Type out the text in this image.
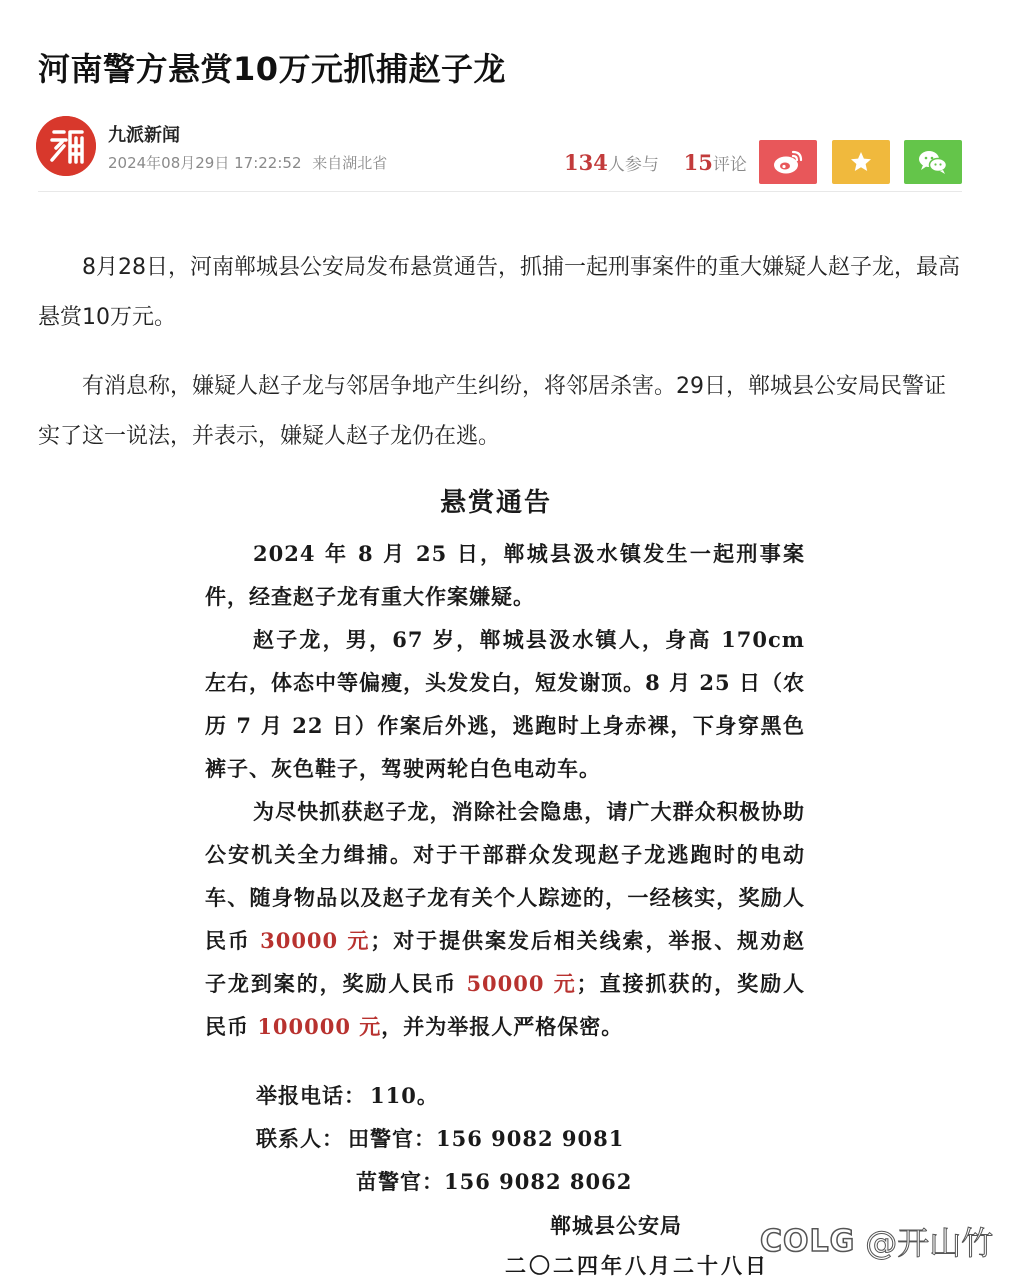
河南警方悬赏10万元抓捕赵子龙
九派新闻
2024年08月29日 17:22:52 来自湖北省	134人参与 15评论
8月28日，河南郸城县公安局发布悬赏通告，抓捕一起刑事案件的重大嫌疑人赵子龙，最高悬赏10万元。
有消息称，嫌疑人赵子龙与邻居争地产生纠纷，将邻居杀害。29日，郸城县公安局民警证实了这一说法，并表示，嫌疑人赵子龙仍在逃。
悬赏通告
2024 年 8 月 25 日，郸城县汲水镇发生一起刑事案件，经查赵子龙有重大作案嫌疑。
赵子龙，男，67 岁，郸城县汲水镇人，身高 170cm 左右，体态中等偏瘦，头发发白，短发谢顶。8 月 25 日（农历 7 月 22 日）作案后外逃，逃跑时上身赤裸，下身穿黑色裤子、灰色鞋子，驾驶两轮白色电动车。
为尽快抓获赵子龙，消除社会隐患，请广大群众积极协助公安机关全力缉捕。对于干部群众发现赵子龙逃跑时的电动车、随身物品以及赵子龙有关个人踪迹的，一经核实，奖励人民币 30000 元；对于提供案发后相关线索，举报、规劝赵子龙到案的，奖励人民币 50000 元；直接抓获的，奖励人民币 100000 元，并为举报人严格保密。
举报电话： 110。
联系人： 田警官：156 9082 9081
苗警官：156 9082 8062
郸城县公安局
二〇二四年八月二十八日
COLG @开山竹
